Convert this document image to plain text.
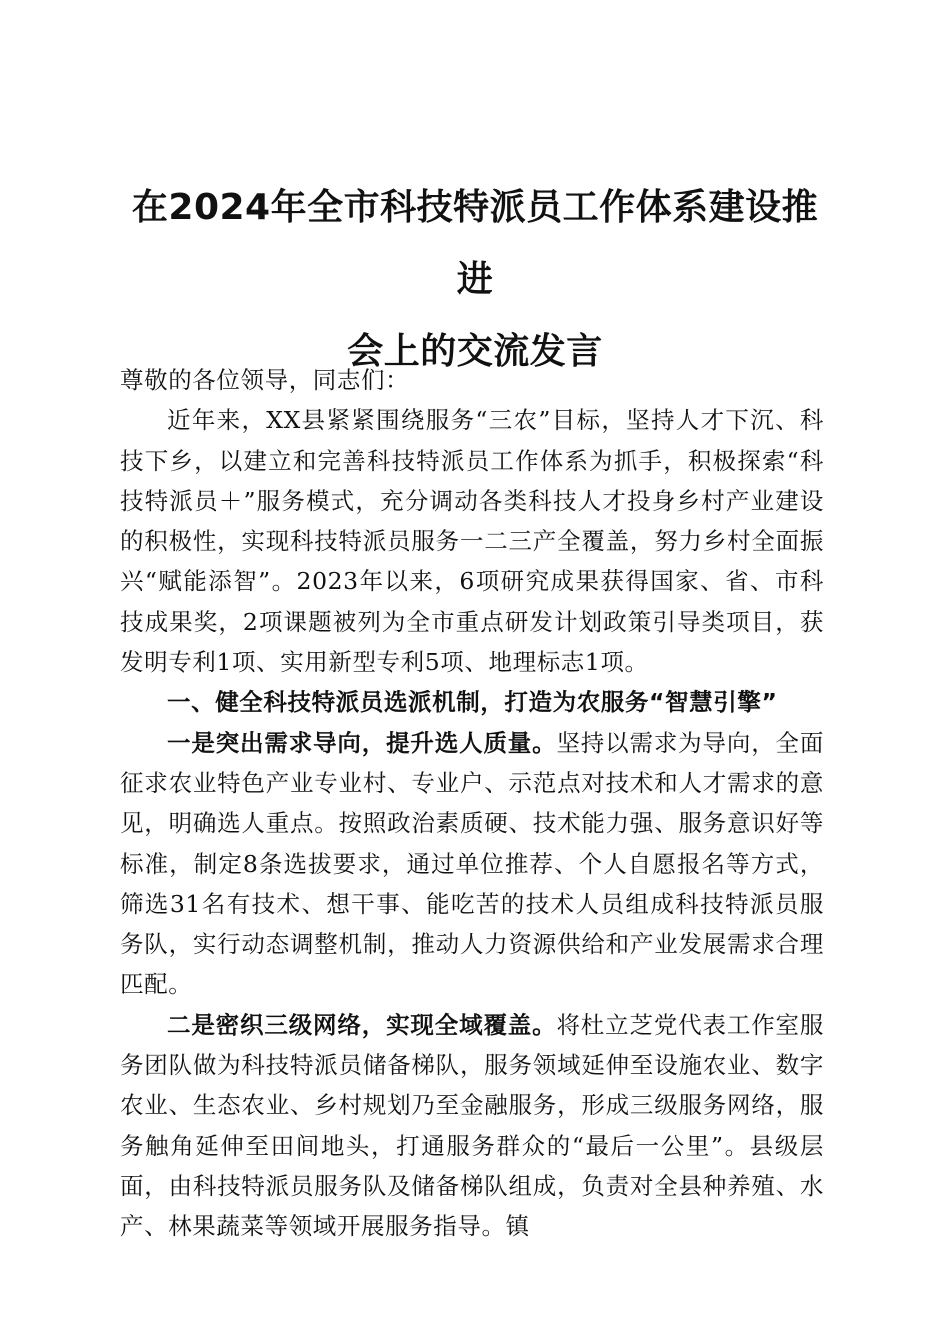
在2024年全市科技特派员工作体系建设推进
会上的交流发言

尊敬的各位领导，同志们：

近年来，XX县紧紧围绕服务“三农”目标，坚持人才下沉、科技下乡，以建立和完善科技特派员工作体系为抓手，积极探索“科技特派员＋”服务模式，充分调动各类科技人才投身乡村产业建设的积极性，实现科技特派员服务一二三产全覆盖，努力乡村全面振兴“赋能添智”。2023年以来，6项研究成果获得国家、省、市科技成果奖，2项课题被列为全市重点研发计划政策引导类项目，获发明专利1项、实用新型专利5项、地理标志1项。

一、健全科技特派员选派机制，打造为农服务“智慧引擎”

一是突出需求导向，提升选人质量。坚持以需求为导向，全面征求农业特色产业专业村、专业户、示范点对技术和人才需求的意见，明确选人重点。按照政治素质硬、技术能力强、服务意识好等标准，制定8条选拔要求，通过单位推荐、个人自愿报名等方式，筛选31名有技术、想干事、能吃苦的技术人员组成科技特派员服务队，实行动态调整机制，推动人力资源供给和产业发展需求合理匹配。

二是密织三级网络，实现全域覆盖。将杜立芝党代表工作室服务团队做为科技特派员储备梯队，服务领域延伸至设施农业、数字农业、生态农业、乡村规划乃至金融服务，形成三级服务网络，服务触角延伸至田间地头，打通服务群众的“最后一公里”。县级层面，由科技特派员服务队及储备梯队组成，负责对全县种养殖、水产、林果蔬菜等领域开展服务指导。镇
